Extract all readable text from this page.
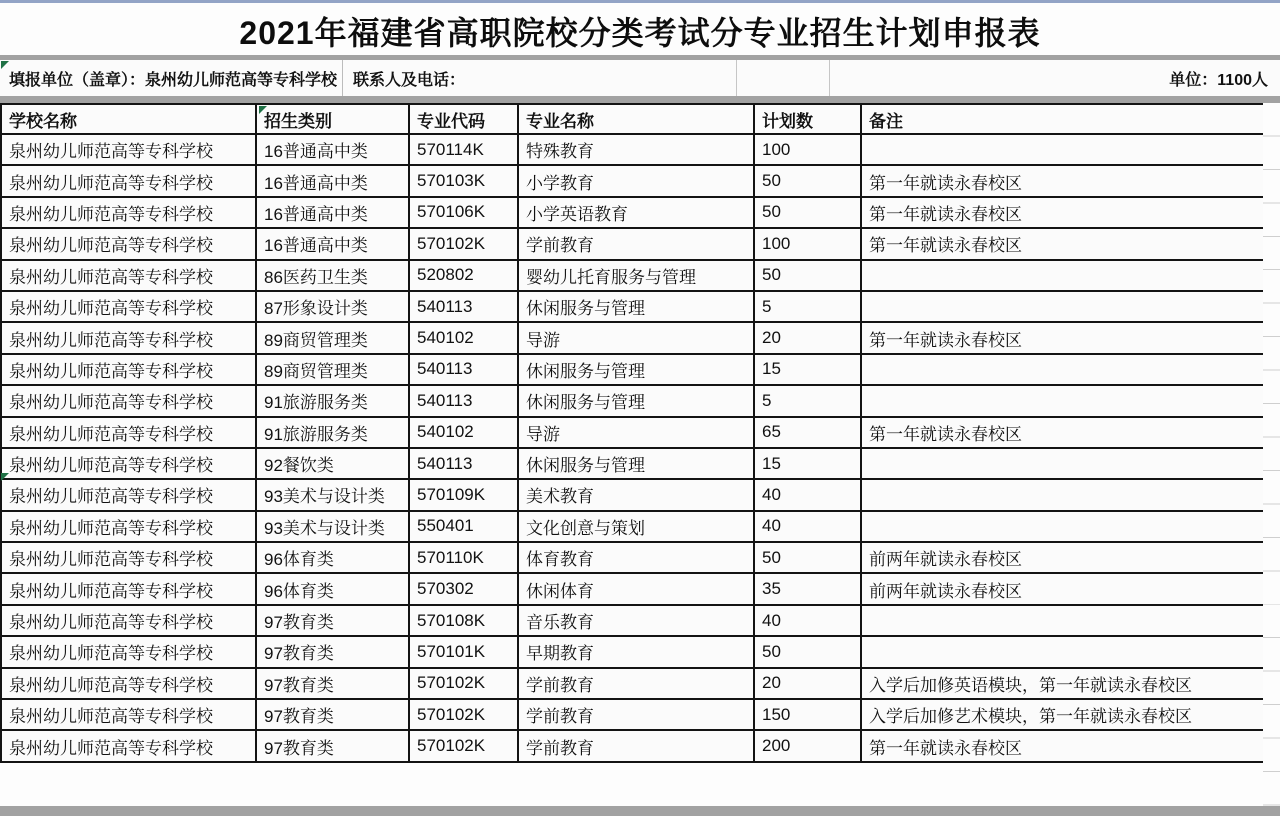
2021年福建省高职院校分类考试分专业招生计划申报表
填报单位（盖章）：泉州幼儿师范高等专科学校 联系人及电话：	单位：1100人
学校名称	招生类别	专业代码	专业名称	计划数	备注
泉州幼儿师范高等专科学校	16普通高中类	570114K	特殊教育	100	
泉州幼儿师范高等专科学校	16普通高中类	570103K	小学教育	50	第一年就读永春校区
泉州幼儿师范高等专科学校	16普通高中类	570106K	小学英语教育	50	第一年就读永春校区
泉州幼儿师范高等专科学校	16普通高中类	570102K	学前教育	100	第一年就读永春校区
泉州幼儿师范高等专科学校	86医药卫生类	520802	婴幼儿托育服务与管理	50	
泉州幼儿师范高等专科学校	87形象设计类	540113	休闲服务与管理	5	
泉州幼儿师范高等专科学校	89商贸管理类	540102	导游	20	第一年就读永春校区
泉州幼儿师范高等专科学校	89商贸管理类	540113	休闲服务与管理	15	
泉州幼儿师范高等专科学校	91旅游服务类	540113	休闲服务与管理	5	
泉州幼儿师范高等专科学校	91旅游服务类	540102	导游	65	第一年就读永春校区
泉州幼儿师范高等专科学校	92餐饮类	540113	休闲服务与管理	15	
泉州幼儿师范高等专科学校	93美术与设计类	570109K	美术教育	40	
泉州幼儿师范高等专科学校	93美术与设计类	550401	文化创意与策划	40	
泉州幼儿师范高等专科学校	96体育类	570110K	体育教育	50	前两年就读永春校区
泉州幼儿师范高等专科学校	96体育类	570302	休闲体育	35	前两年就读永春校区
泉州幼儿师范高等专科学校	97教育类	570108K	音乐教育	40	
泉州幼儿师范高等专科学校	97教育类	570101K	早期教育	50	
泉州幼儿师范高等专科学校	97教育类	570102K	学前教育	20	入学后加修英语模块，第一年就读永春校区
泉州幼儿师范高等专科学校	97教育类	570102K	学前教育	150	入学后加修艺术模块，第一年就读永春校区
泉州幼儿师范高等专科学校	97教育类	570102K	学前教育	200	第一年就读永春校区
